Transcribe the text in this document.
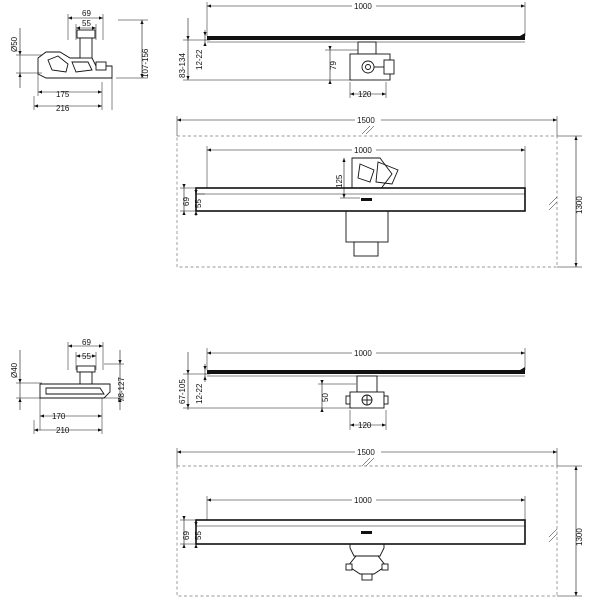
69
55
Ø50
107-156
175
216
1000
83-134 12-22	79
120
1500
1300
1000
125
69 55
69
55
Ø40
78-127
170
210
1000
67-105 12-22	50
120
1500
1300
1000
69 55
